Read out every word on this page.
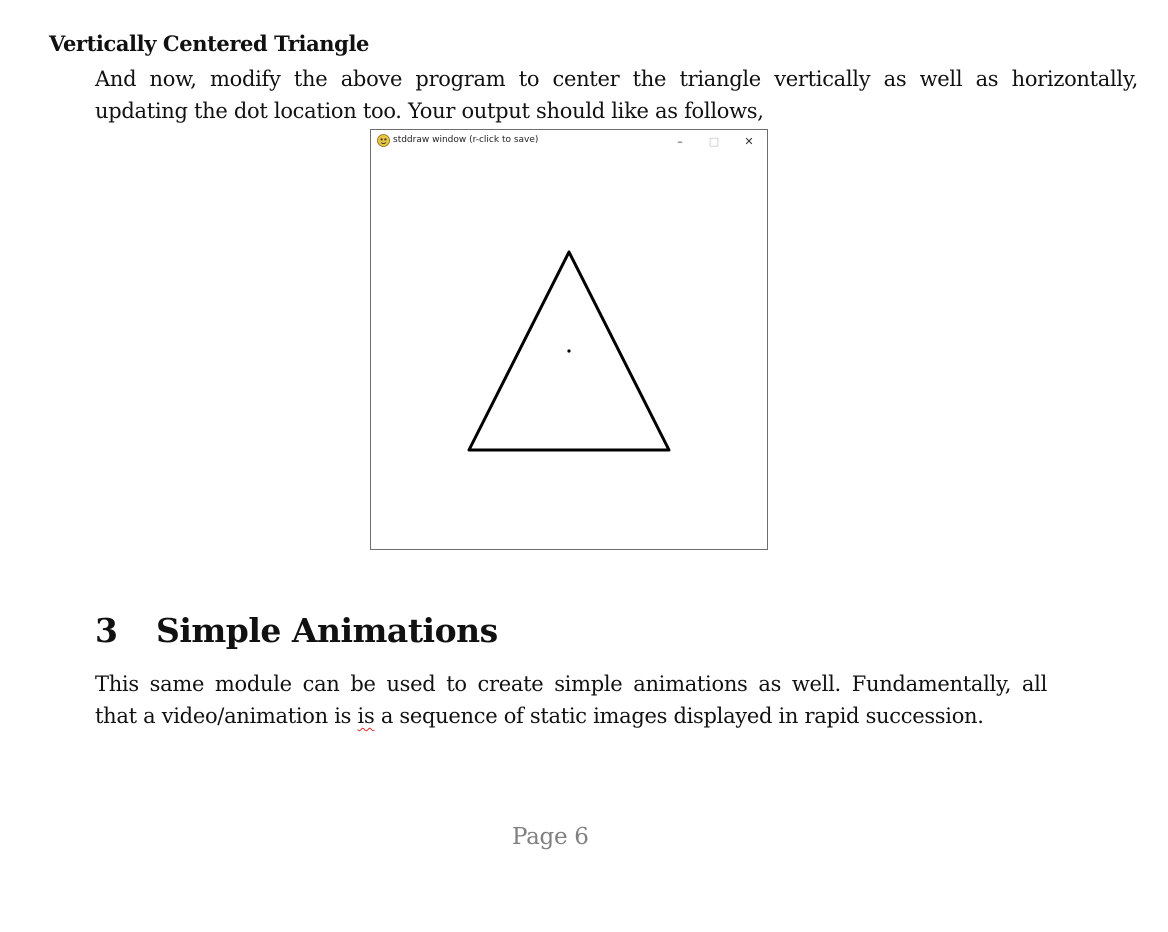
Vertically Centered Triangle
And now, modify the above program to center the triangle vertically as well as horizontally,
updating the dot location too. Your output should like as follows,
stddraw window (r-click to save)	–	□	✕
3 Simple Animations
This same module can be used to create simple animations as well. Fundamentally, all
that a video/animation is is a sequence of static images displayed in rapid succession.
Page 6
